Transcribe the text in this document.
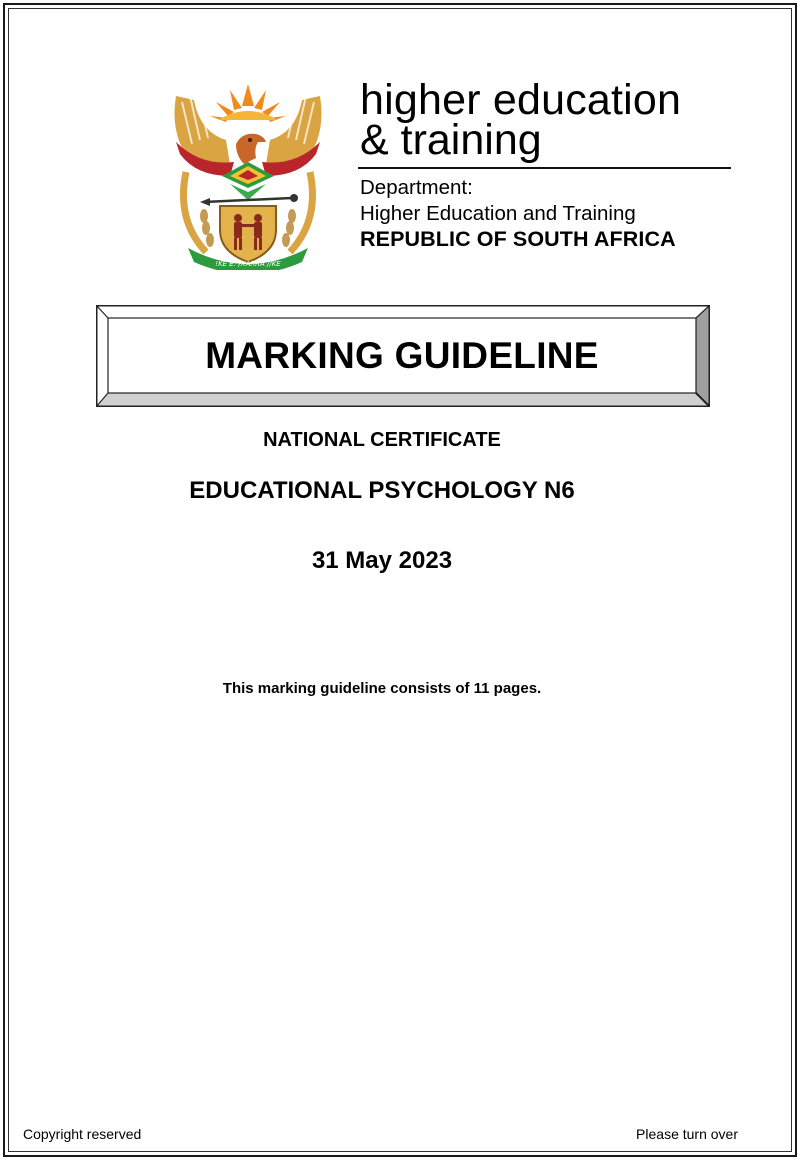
!KE E: /XARRA //KE
higher education
& training
Department:
Higher Education and Training
REPUBLIC OF SOUTH AFRICA
MARKING GUIDELINE
NATIONAL CERTIFICATE
EDUCATIONAL PSYCHOLOGY N6
31 May 2023
This marking guideline consists of 11 pages.
Copyright reserved	Please turn over
